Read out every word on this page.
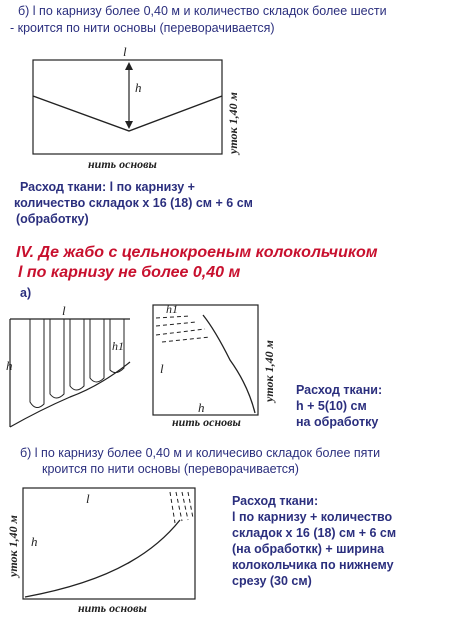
б) l по карнизу более 0,40 м и количество складок более шести
- кроится по нити основы (переворачивается)
l
h
нить основы
уток 1,40 м
Расход ткани: l по карнизу +
количество складок x 16 (18) см + 6 см
(обработку)
IV. Де жабо с цельнокроеным колокольчиком
l по карнизу не более 0,40 м
а)
l
h1
h
h1
l
h
нить основы
уток 1,40 м Расход ткани:
h + 5(10) см
на обработку
б) l по карнизу более 0,40 м и количесиво складок более пяти
кроится по нити основы (переворачивается)
l
h
нить основы
уток 1,40 м
Расход ткани:
l по карнизу + количество
складок x 16 (18) см + 6 см
(на обработкк) + ширина
колокольчика по нижнему
срезу (30 см)
